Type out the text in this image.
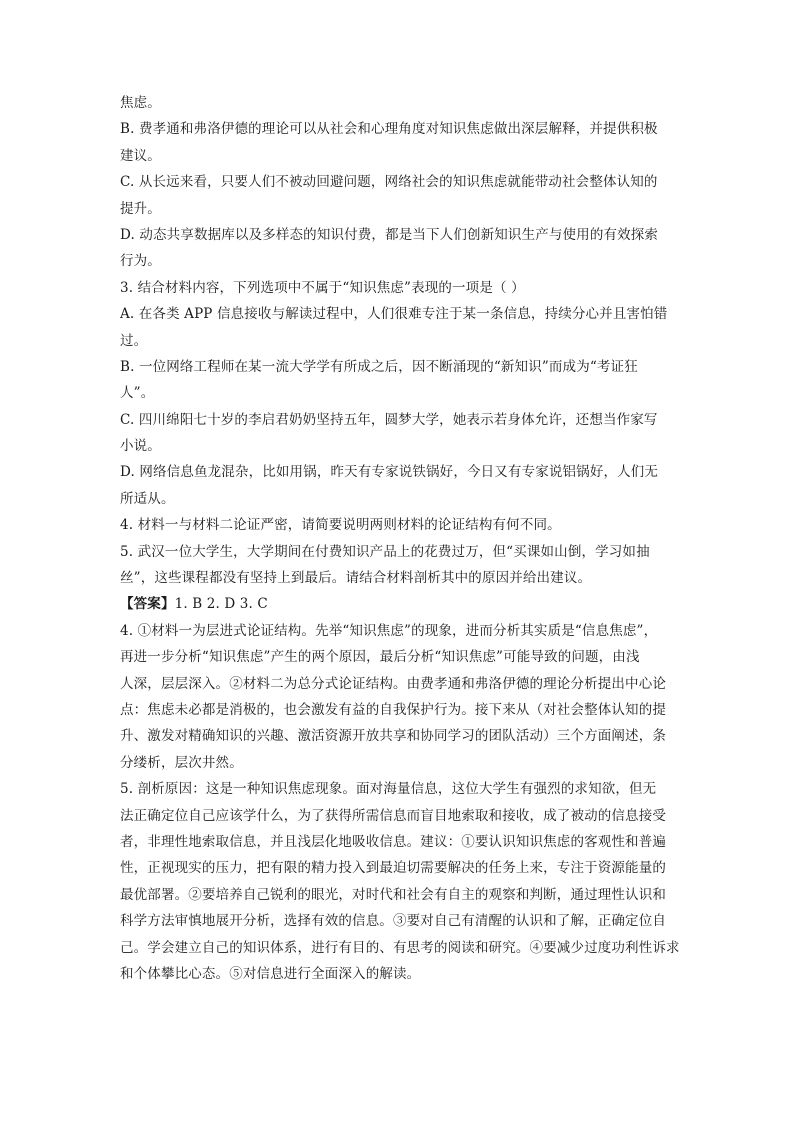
焦虑。
B. 费孝通和弗洛伊德的理论可以从社会和心理角度对知识焦虑做出深层解释，并提供积极
建议。
C. 从长远来看，只要人们不被动回避问题，网络社会的知识焦虑就能带动社会整体认知的
提升。
D. 动态共享数据库以及多样态的知识付费，都是当下人们创新知识生产与使用的有效探索
行为。
3. 结合材料内容，下列选项中不属于“知识焦虑”表现的一项是（ ）
A. 在各类 APP 信息接收与解读过程中，人们很难专注于某一条信息，持续分心并且害怕错
过。
B. 一位网络工程师在某一流大学学有所成之后，因不断涌现的“新知识”而成为“考证狂
人”。
C. 四川绵阳七十岁的李启君奶奶坚持五年，圆梦大学，她表示若身体允许，还想当作家写
小说。
D. 网络信息鱼龙混杂，比如用锅，昨天有专家说铁锅好，今日又有专家说铝锅好，人们无
所适从。
4. 材料一与材料二论证严密，请简要说明两则材料的论证结构有何不同。
5. 武汉一位大学生，大学期间在付费知识产品上的花费过万，但“买课如山倒，学习如抽
丝”，这些课程都没有坚持上到最后。请结合材料剖析其中的原因并给出建议。
【答案】1. B 2. D 3. C
4. ①材料一为层进式论证结构。先举“知识焦虑”的现象，进而分析其实质是“信息焦虑”，
再进一步分析“知识焦虑”产生的两个原因，最后分析“知识焦虑”可能导致的问题，由浅
人深，层层深入。②材料二为总分式论证结构。由费孝通和弗洛伊德的理论分析提出中心论
点：焦虑未必都是消极的，也会激发有益的自我保护行为。接下来从（对社会整体认知的提
升、激发对精确知识的兴趣、激活资源开放共享和协同学习的团队活动）三个方面阐述，条
分缕析，层次井然。
5. 剖析原因：这是一种知识焦虑现象。面对海量信息，这位大学生有强烈的求知欲，但无
法正确定位自己应该学什么，为了获得所需信息而盲目地索取和接收，成了被动的信息接受
者，非理性地索取信息，并且浅层化地吸收信息。建议：①要认识知识焦虑的客观性和普遍
性，正视现实的压力，把有限的精力投入到最迫切需要解决的任务上来，专注于资源能量的
最优部署。②要培养自己锐利的眼光，对时代和社会有自主的观察和判断，通过理性认识和
科学方法审慎地展开分析，选择有效的信息。③要对自己有清醒的认识和了解，正确定位自
己。学会建立自己的知识体系，进行有目的、有思考的阅读和研究。④要减少过度功利性诉求
和个体攀比心态。⑤对信息进行全面深入的解读。
